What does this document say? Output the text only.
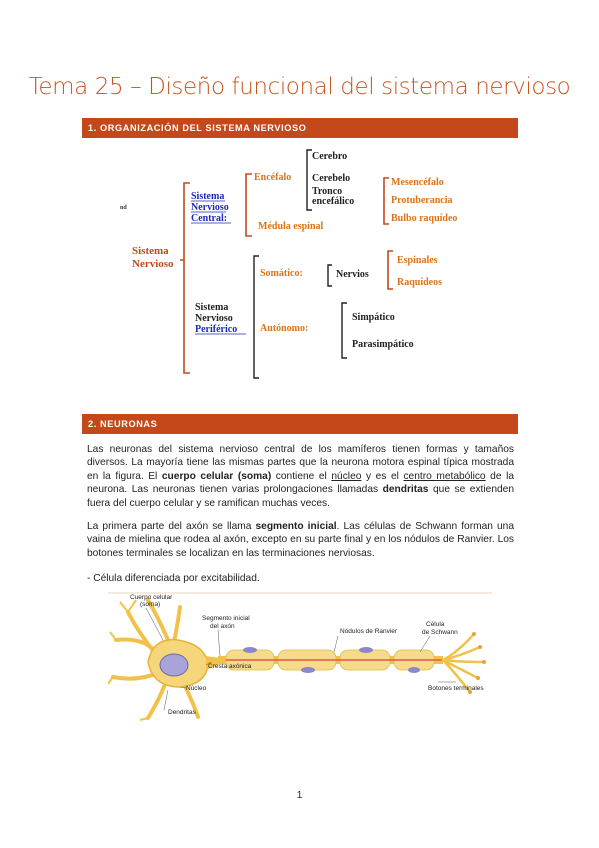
Tema 25 – Diseño funcional del sistema nervioso
1. ORGANIZACIÓN DEL SISTEMA NERVIOSO
nd
Sistema
Nervioso
Sistema
Nervioso
Central:
Encéfalo
Cerebro
Cerebelo
Tronco
encefálico
Mesencéfalo
Protuberancia
Bulbo raquídeo
Médula espinal
Sistema
Nervioso
Periférico
Somático:	Nervios
Espinales
Raquídeos
Autónomo:
Simpático
Parasimpático
2. NEURONAS

Las neuronas del sistema nervioso central de los mamíferos tienen formas y tamaños diversos. La mayoría tiene las mismas partes que la neurona motora espinal típica mostrada en la figura. El cuerpo celular (soma) contiene el núcleo y es el centro metabólico de la neurona. Las neuronas tienen varias prolongaciones llamadas dendritas que se extienden fuera del cuerpo celular y se ramifican muchas veces.

La primera parte del axón se llama segmento inicial. Las células de Schwann forman una vaina de mielina que rodea al axón, excepto en su parte final y en los nódulos de Ranvier. Los botones terminales se localizan en las terminaciones nerviosas.

- Célula diferenciada por excitabilidad.

Cuerpo celular
(soma)
Segmento inicial
del axón
Cresta axónica
Núcleo
Dendritas
Nódulos de Ranvier
Célula
de Schwann
Botones terminales
1
